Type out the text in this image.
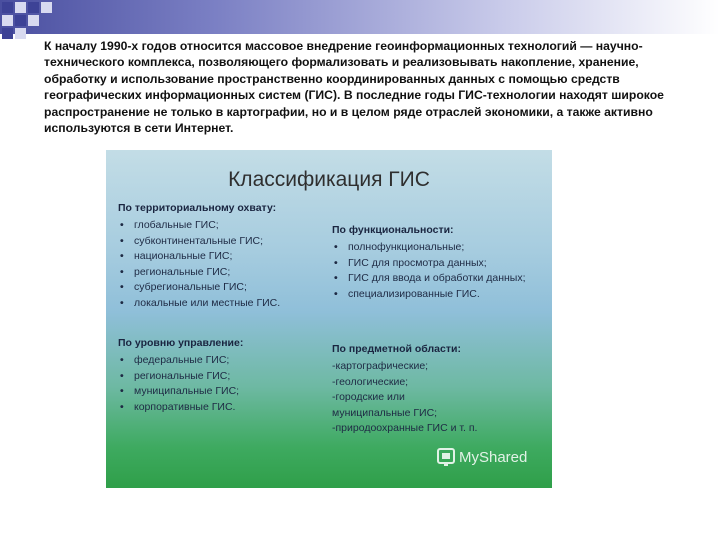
К началу 1990-х годов относится массовое внедрение геоинформационных технологий — научно-технического комплекса, позволяющего формализовать и реализовывать накопление, хранение, обработку и использование пространственно координированных данных с помощью средств географических информационных систем (ГИС). В последние годы ГИС-технологии находят широкое распространение не только в картографии, но и в целом ряде отраслей экономики, а также активно используются в сети Интернет.

Классификация ГИС
По территориальному охвату:
• глобальные ГИС;
• субконтинентальные ГИС;
• национальные ГИС;
• региональные ГИС;
• субрегиональные ГИС;
• локальные или местные ГИС.
По функциональности:
• полнофункциональные;
• ГИС для просмотра данных;
• ГИС для ввода и обработки данных;
• специализированные ГИС.
По уровню управление:
• федеральные ГИС;
• региональные ГИС;
• муниципальные ГИС;
• корпоративные ГИС.
По предметной области:
-картографические;
-геологические;
-городские или
муниципальные ГИС;
-природоохранные ГИС и т. п.
MyShared
